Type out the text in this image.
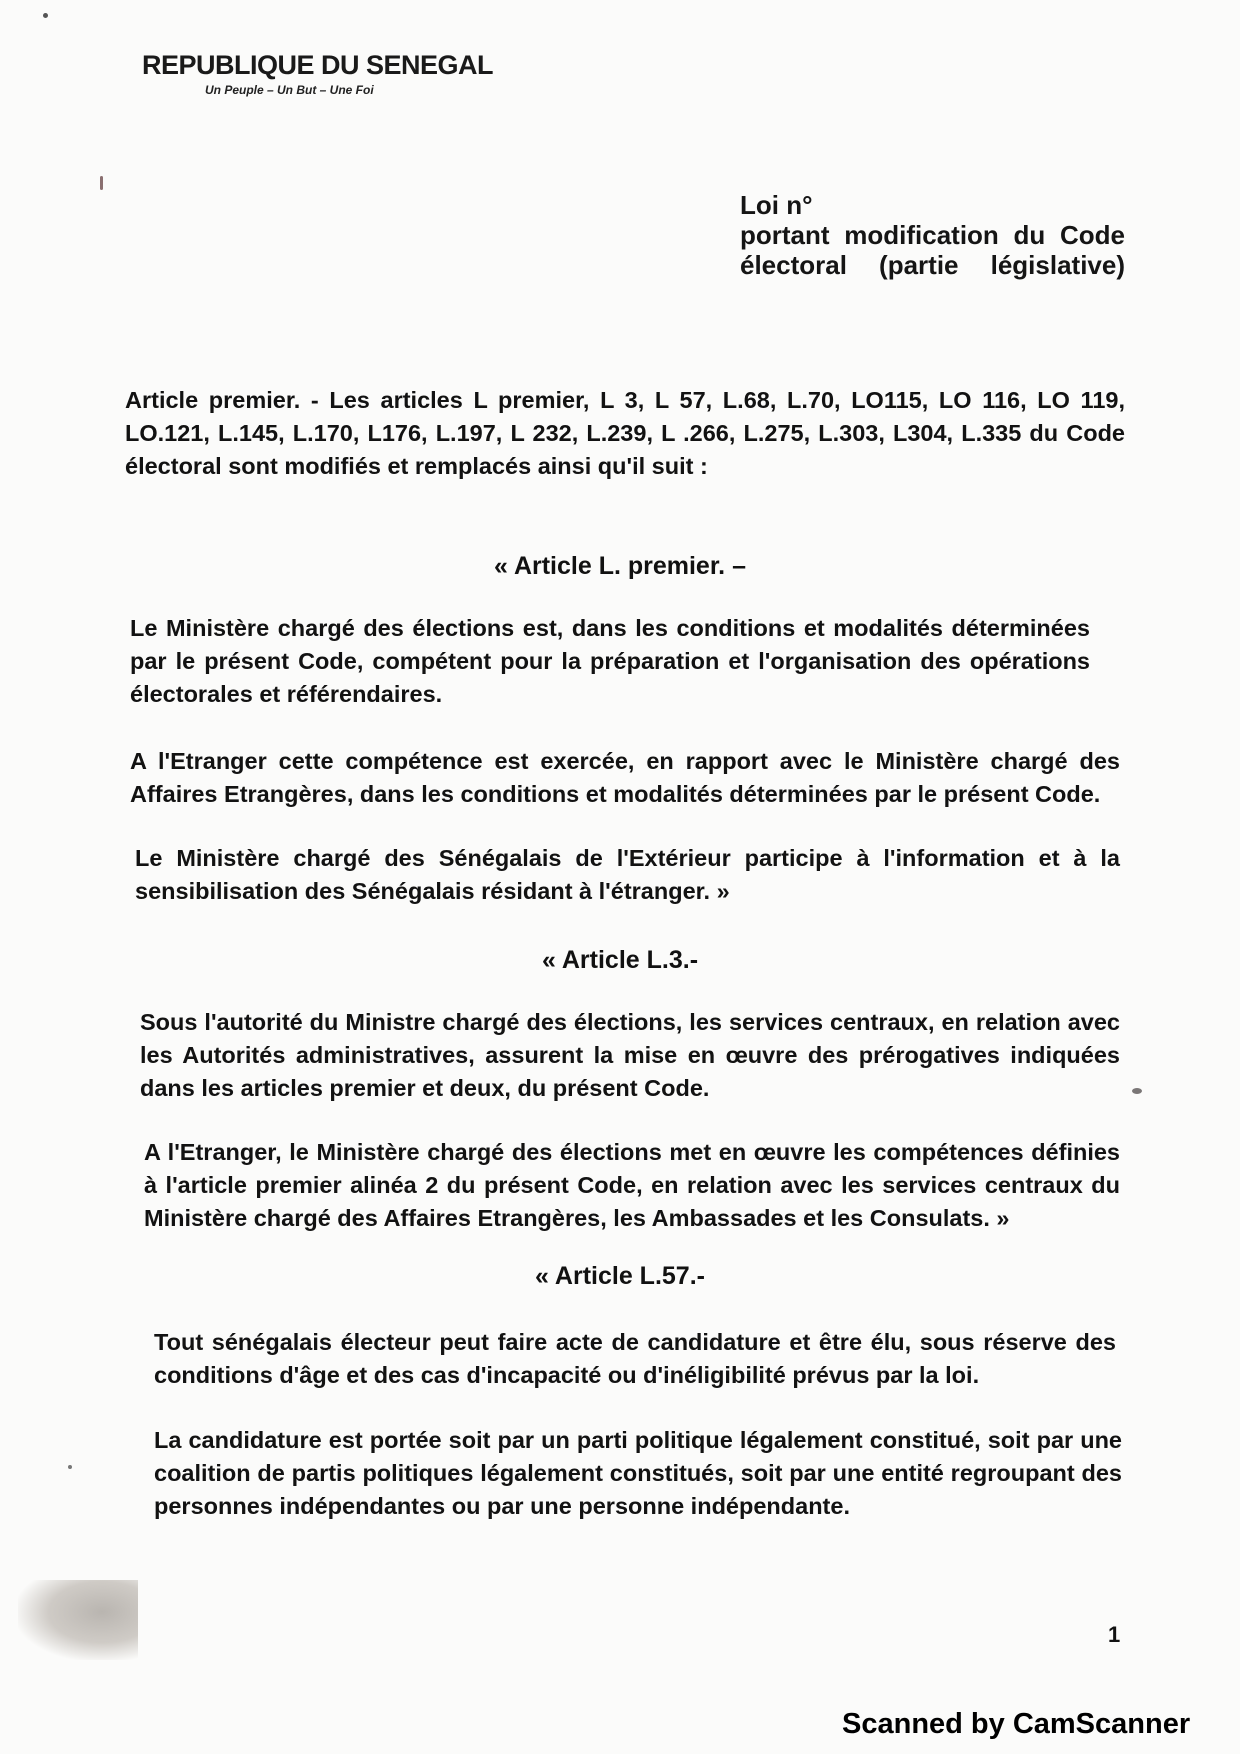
REPUBLIQUE DU SENEGAL
Un Peuple – Un But – Une Foi
Loi n°
portant modification du Code électoral (partie législative)
Article premier. - Les articles L premier, L 3, L 57, L.68, L.70, LO115, LO 116, LO 119, LO.121, L.145, L.170, L176, L.197, L 232, L.239, L .266, L.275, L.303, L304, L.335 du Code électoral sont modifiés et remplacés ainsi qu'il suit :
« Article L. premier. –
Le Ministère chargé des élections est, dans les conditions et modalités déterminées par le présent Code, compétent pour la préparation et l'organisation des opérations électorales et référendaires.
A l'Etranger cette compétence est exercée, en rapport avec le Ministère chargé des Affaires Etrangères, dans les conditions et modalités déterminées par le présent Code.
Le Ministère chargé des Sénégalais de l'Extérieur participe à l'information et à la sensibilisation des Sénégalais résidant à l'étranger. »
« Article L.3.-
Sous l'autorité du Ministre chargé des élections, les services centraux, en relation avec les Autorités administratives, assurent la mise en œuvre des prérogatives indiquées dans les articles premier et deux, du présent Code.
A l'Etranger, le Ministère chargé des élections met en œuvre les compétences définies à l'article premier alinéa 2 du présent Code, en relation avec les services centraux du Ministère chargé des Affaires Etrangères, les Ambassades et les Consulats. »
« Article L.57.-
Tout sénégalais électeur peut faire acte de candidature et être élu, sous réserve des conditions d'âge et des cas d'incapacité ou d'inéligibilité prévus par la loi.
La candidature est portée soit par un parti politique légalement constitué, soit par une coalition de partis politiques légalement constitués, soit par une entité regroupant des personnes indépendantes ou par une personne indépendante.
1
Scanned by CamScanner
